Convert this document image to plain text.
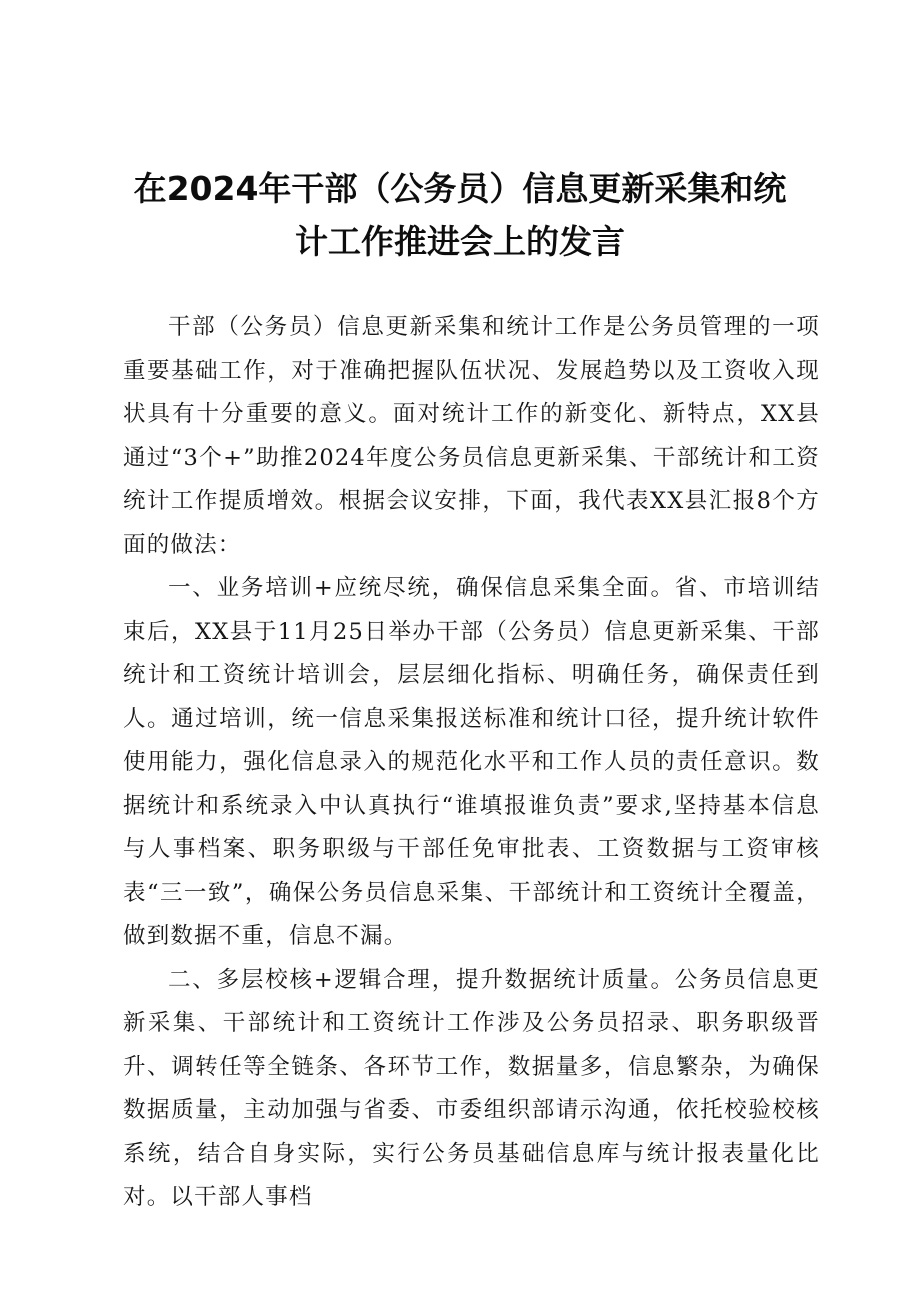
在2024年干部（公务员）信息更新采集和统
计工作推进会上的发言

干部（公务员）信息更新采集和统计工作是公务员管理的一项重要基础工作，对于准确把握队伍状况、发展趋势以及工资收入现状具有十分重要的意义。面对统计工作的新变化、新特点，XX县通过“3个+”助推2024年度公务员信息更新采集、干部统计和工资统计工作提质增效。根据会议安排，下面，我代表XX县汇报8个方面的做法：

一、业务培训+应统尽统，确保信息采集全面。省、市培训结束后，XX县于11月25日举办干部（公务员）信息更新采集、干部统计和工资统计培训会，层层细化指标、明确任务，确保责任到人。通过培训，统一信息采集报送标准和统计口径，提升统计软件使用能力，强化信息录入的规范化水平和工作人员的责任意识。数据统计和系统录入中认真执行“谁填报谁负责”要求,坚持基本信息与人事档案、职务职级与干部任免审批表、工资数据与工资审核表“三一致”，确保公务员信息采集、干部统计和工资统计全覆盖，做到数据不重，信息不漏。

二、多层校核+逻辑合理，提升数据统计质量。公务员信息更新采集、干部统计和工资统计工作涉及公务员招录、职务职级晋升、调转任等全链条、各环节工作，数据量多，信息繁杂，为确保数据质量，主动加强与省委、市委组织部请示沟通，依托校验校核系统，结合自身实际，实行公务员基础信息库与统计报表量化比对。以干部人事档
